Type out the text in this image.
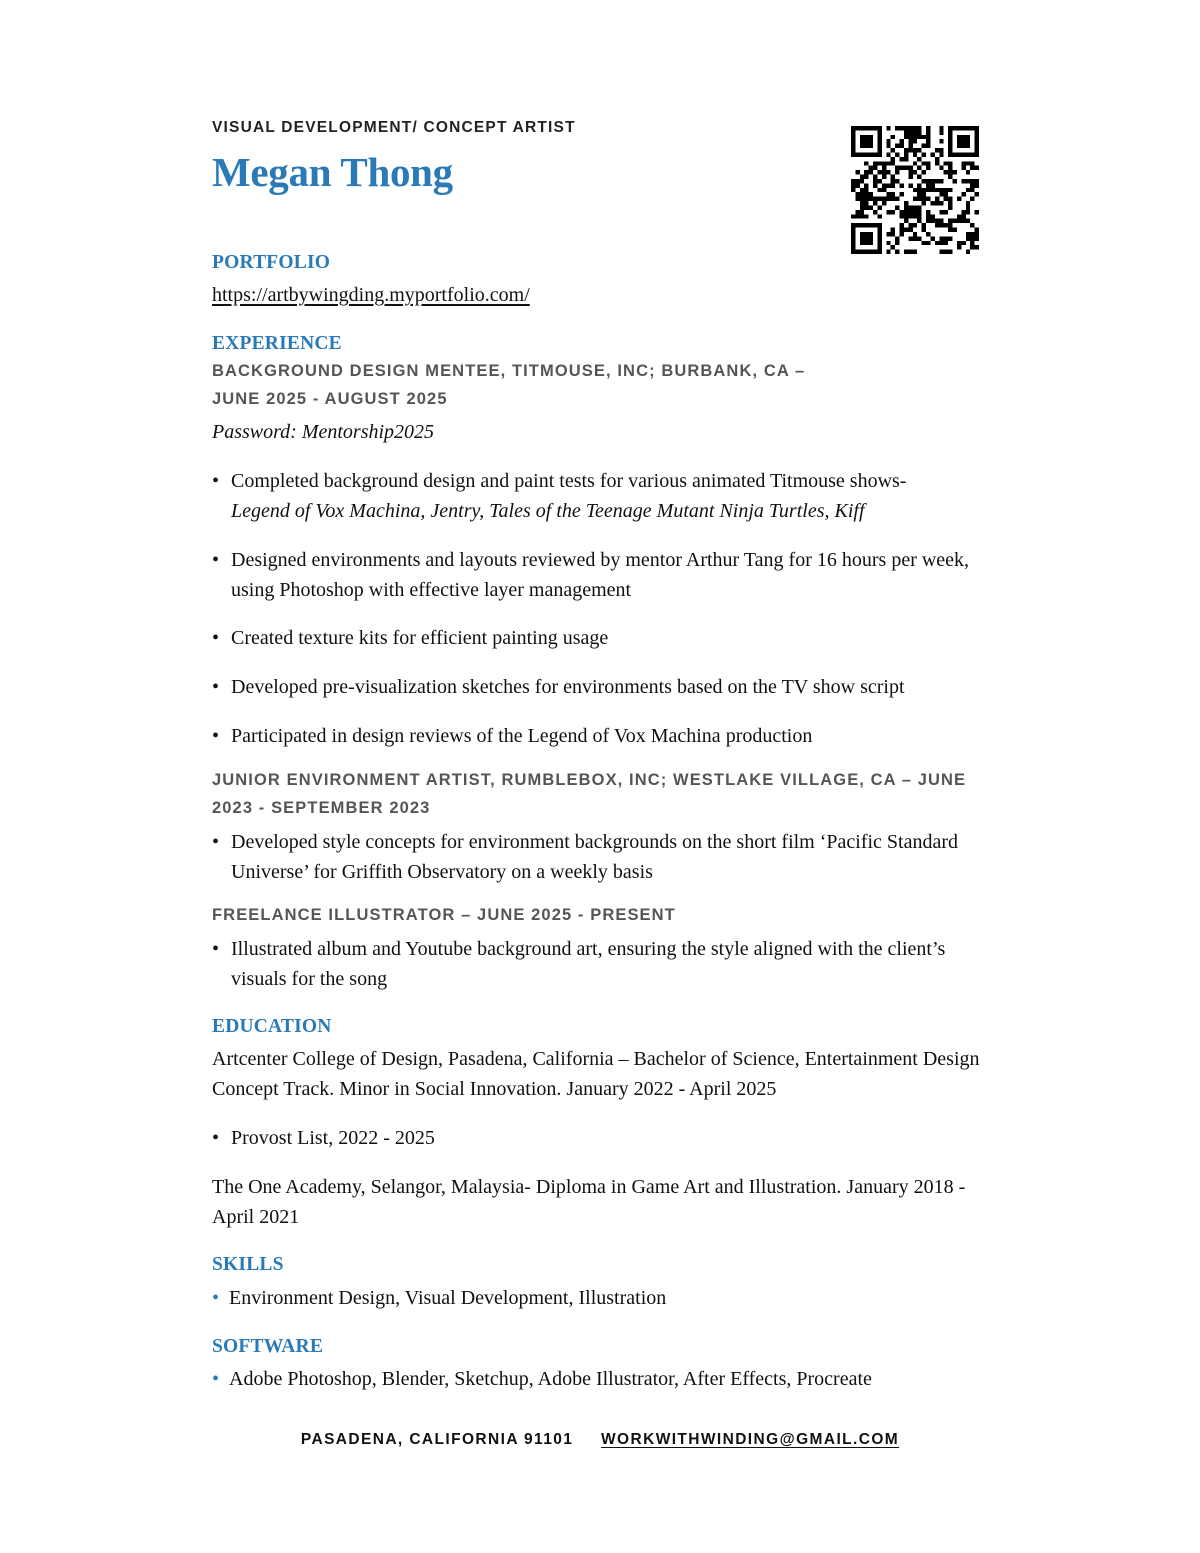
VISUAL DEVELOPMENT/ CONCEPT ARTIST
Megan Thong
PORTFOLIO
https://artbywingding.myportfolio.com/
EXPERIENCE
BACKGROUND DESIGN MENTEE, TITMOUSE, INC; BURBANK, CA –
JUNE 2025 - AUGUST 2025
Password: Mentorship2025
• Completed background design and paint tests for various animated Titmouse shows-
Legend of Vox Machina, Jentry, Tales of the Teenage Mutant Ninja Turtles, Kiff
• Designed environments and layouts reviewed by mentor Arthur Tang for 16 hours per week, using Photoshop with effective layer management
• Created texture kits for efficient painting usage
• Developed pre-visualization sketches for environments based on the TV show script
• Participated in design reviews of the Legend of Vox Machina production
JUNIOR ENVIRONMENT ARTIST, RUMBLEBOX, INC; WESTLAKE VILLAGE, CA – JUNE 2023 - SEPTEMBER 2023
• Developed style concepts for environment backgrounds on the short film ‘Pacific Standard Universe’ for Griffith Observatory on a weekly basis
FREELANCE ILLUSTRATOR – JUNE 2025 - PRESENT
• Illustrated album and Youtube background art, ensuring the style aligned with the client’s visuals for the song
EDUCATION
Artcenter College of Design, Pasadena, California – Bachelor of Science, Entertainment Design Concept Track. Minor in Social Innovation. January 2022 - April 2025
• Provost List, 2022 - 2025
The One Academy, Selangor, Malaysia- Diploma in Game Art and Illustration. January 2018 - April 2021
SKILLS
• Environment Design, Visual Development, Illustration
SOFTWARE
• Adobe Photoshop, Blender, Sketchup, Adobe Illustrator, After Effects, Procreate
PASADENA, CALIFORNIA 91101 WORKWITHWINDING@GMAIL.COM
